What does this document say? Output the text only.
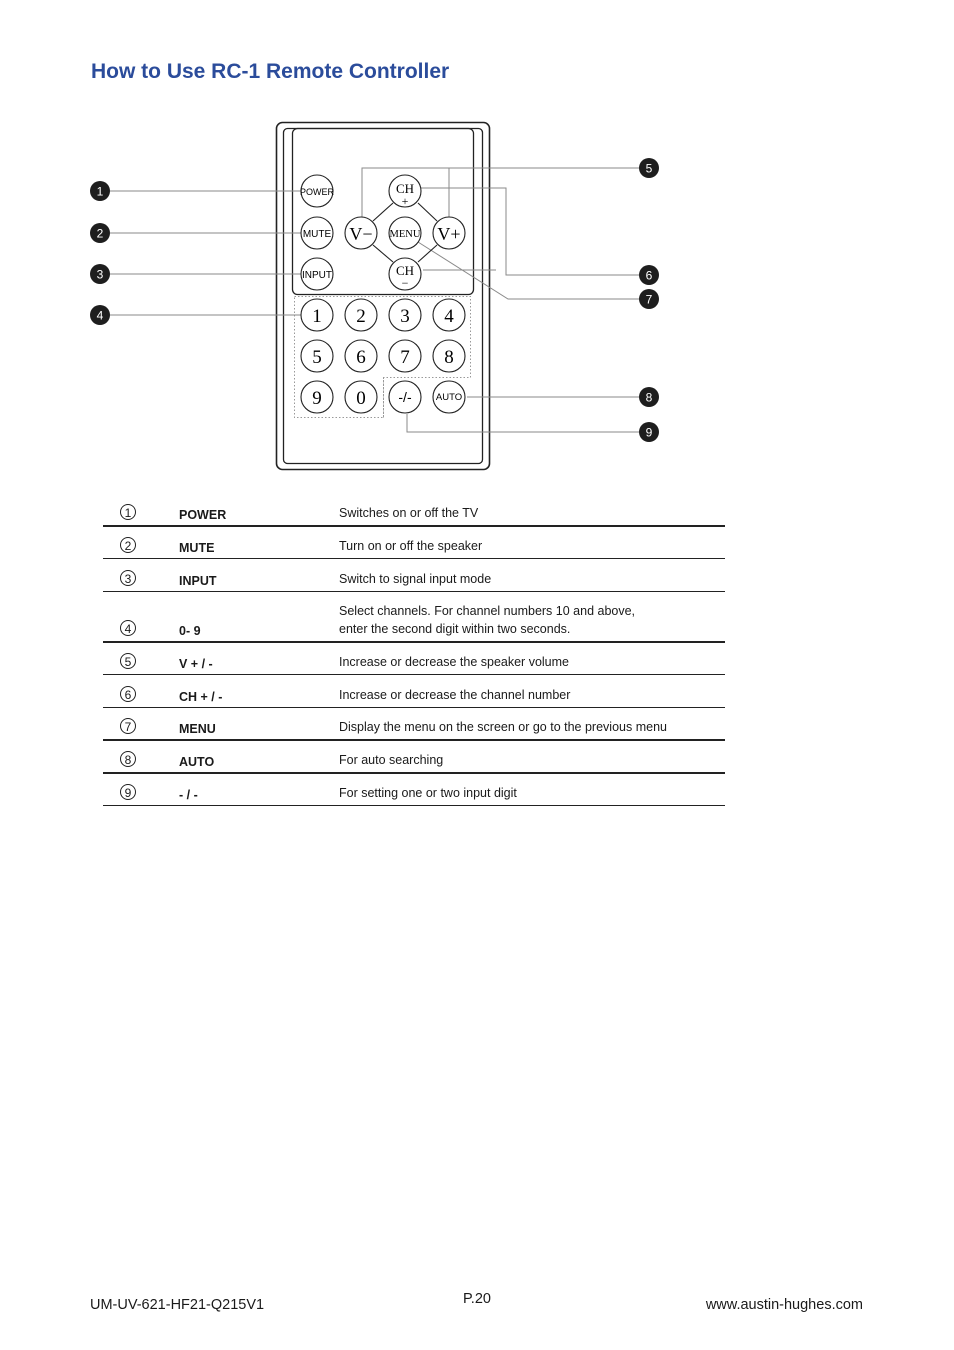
How to Use RC-1 Remote Controller
POWER
MUTE
INPUT
CH
+
MENU
V−	V+
CH
−
1 2 3 4
5 6 7 8
9 0 -/-	AUTO
1
2
3
4
5
6
7
8
9
1	POWER	Switches on or off the TV
2	MUTE	Turn on or off the speaker
3	INPUT	Switch to signal input mode
4	0- 9	Select channels. For channel numbers 10 and above,
enter the second digit within two seconds.

5	V + / -	Increase or decrease the speaker volume
6	CH + / -	Increase or decrease the channel number
7	MENU	Display the menu on the screen or go to the previous menu
8	AUTO	For auto searching
9	- / -	For setting one or two input digit
UM-UV-621-HF21-Q215V1	P.20	www.austin-hughes.com
